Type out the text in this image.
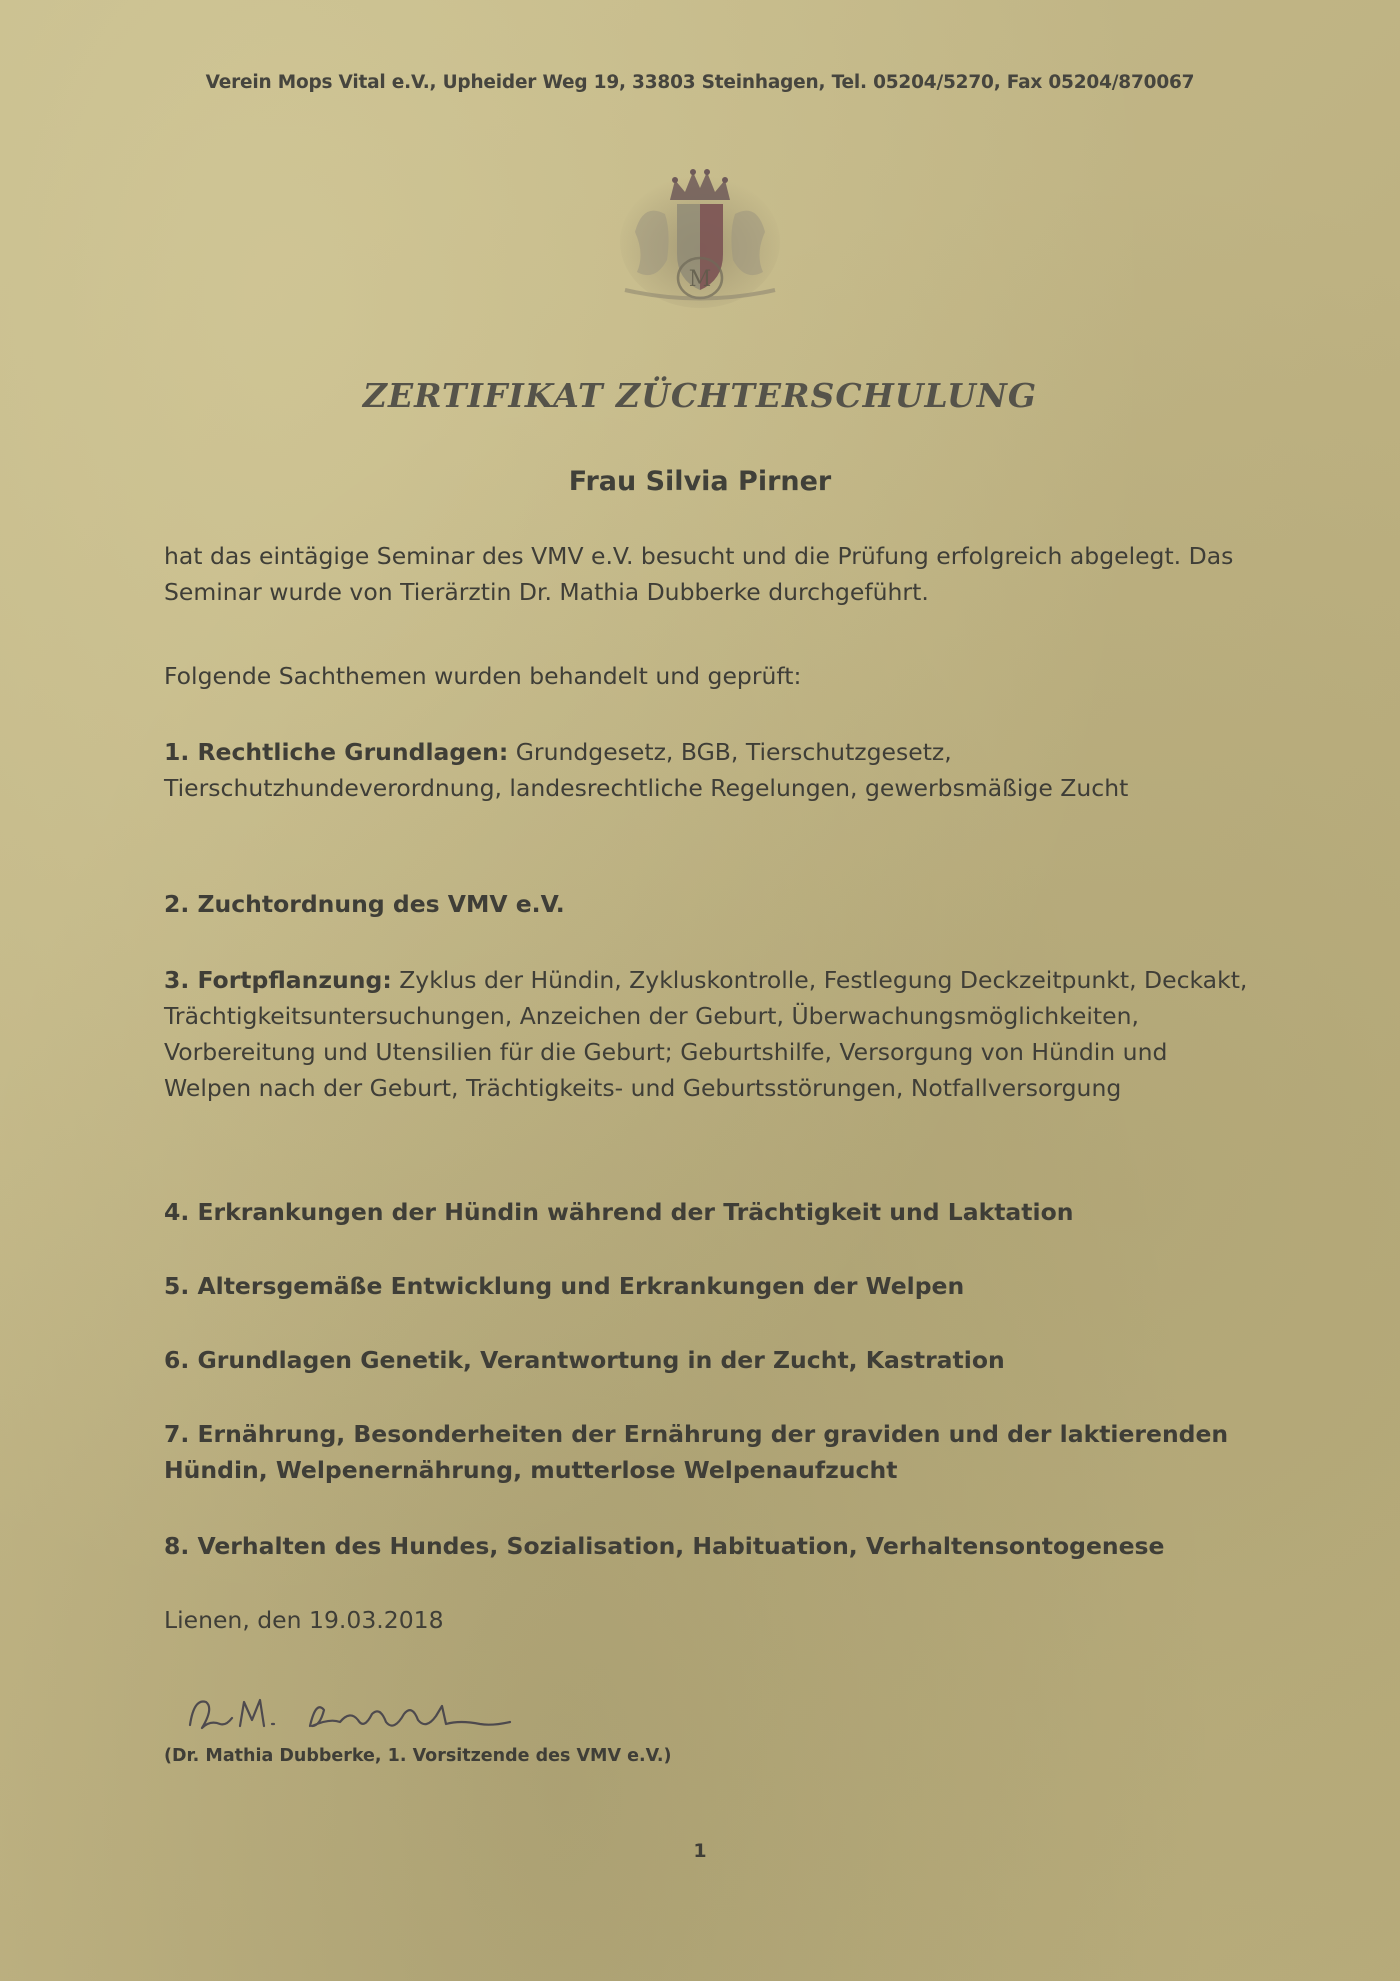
Verein Mops Vital e.V., Upheider Weg 19, 33803 Steinhagen, Tel. 05204/5270, Fax 05204/870067
M
ZERTIFIKAT ZÜCHTERSCHULUNG
Frau Silvia Pirner
hat das eintägige Seminar des VMV e.V. besucht und die Prüfung erfolgreich abgelegt. Das Seminar wurde von Tierärztin Dr. Mathia Dubberke durchgeführt.
Folgende Sachthemen wurden behandelt und geprüft:
1. Rechtliche Grundlagen: Grundgesetz, BGB, Tierschutzgesetz, Tierschutzhundeverordnung, landesrechtliche Regelungen, gewerbsmäßige Zucht
2. Zuchtordnung des VMV e.V.
3. Fortpflanzung: Zyklus der Hündin, Zykluskontrolle, Festlegung Deckzeitpunkt, Deckakt, Trächtigkeitsuntersuchungen, Anzeichen der Geburt, Überwachungsmöglichkeiten, Vorbereitung und Utensilien für die Geburt; Geburtshilfe, Versorgung von Hündin und Welpen nach der Geburt, Trächtigkeits- und Geburtsstörungen, Notfallversorgung
4. Erkrankungen der Hündin während der Trächtigkeit und Laktation
5. Altersgemäße Entwicklung und Erkrankungen der Welpen
6. Grundlagen Genetik, Verantwortung in der Zucht, Kastration
7. Ernährung, Besonderheiten der Ernährung der graviden und der laktierenden Hündin, Welpenernährung, mutterlose Welpenaufzucht
8. Verhalten des Hundes, Sozialisation, Habituation, Verhaltensontogenese
Lienen, den 19.03.2018
(Dr. Mathia Dubberke, 1. Vorsitzende des VMV e.V.)
1
